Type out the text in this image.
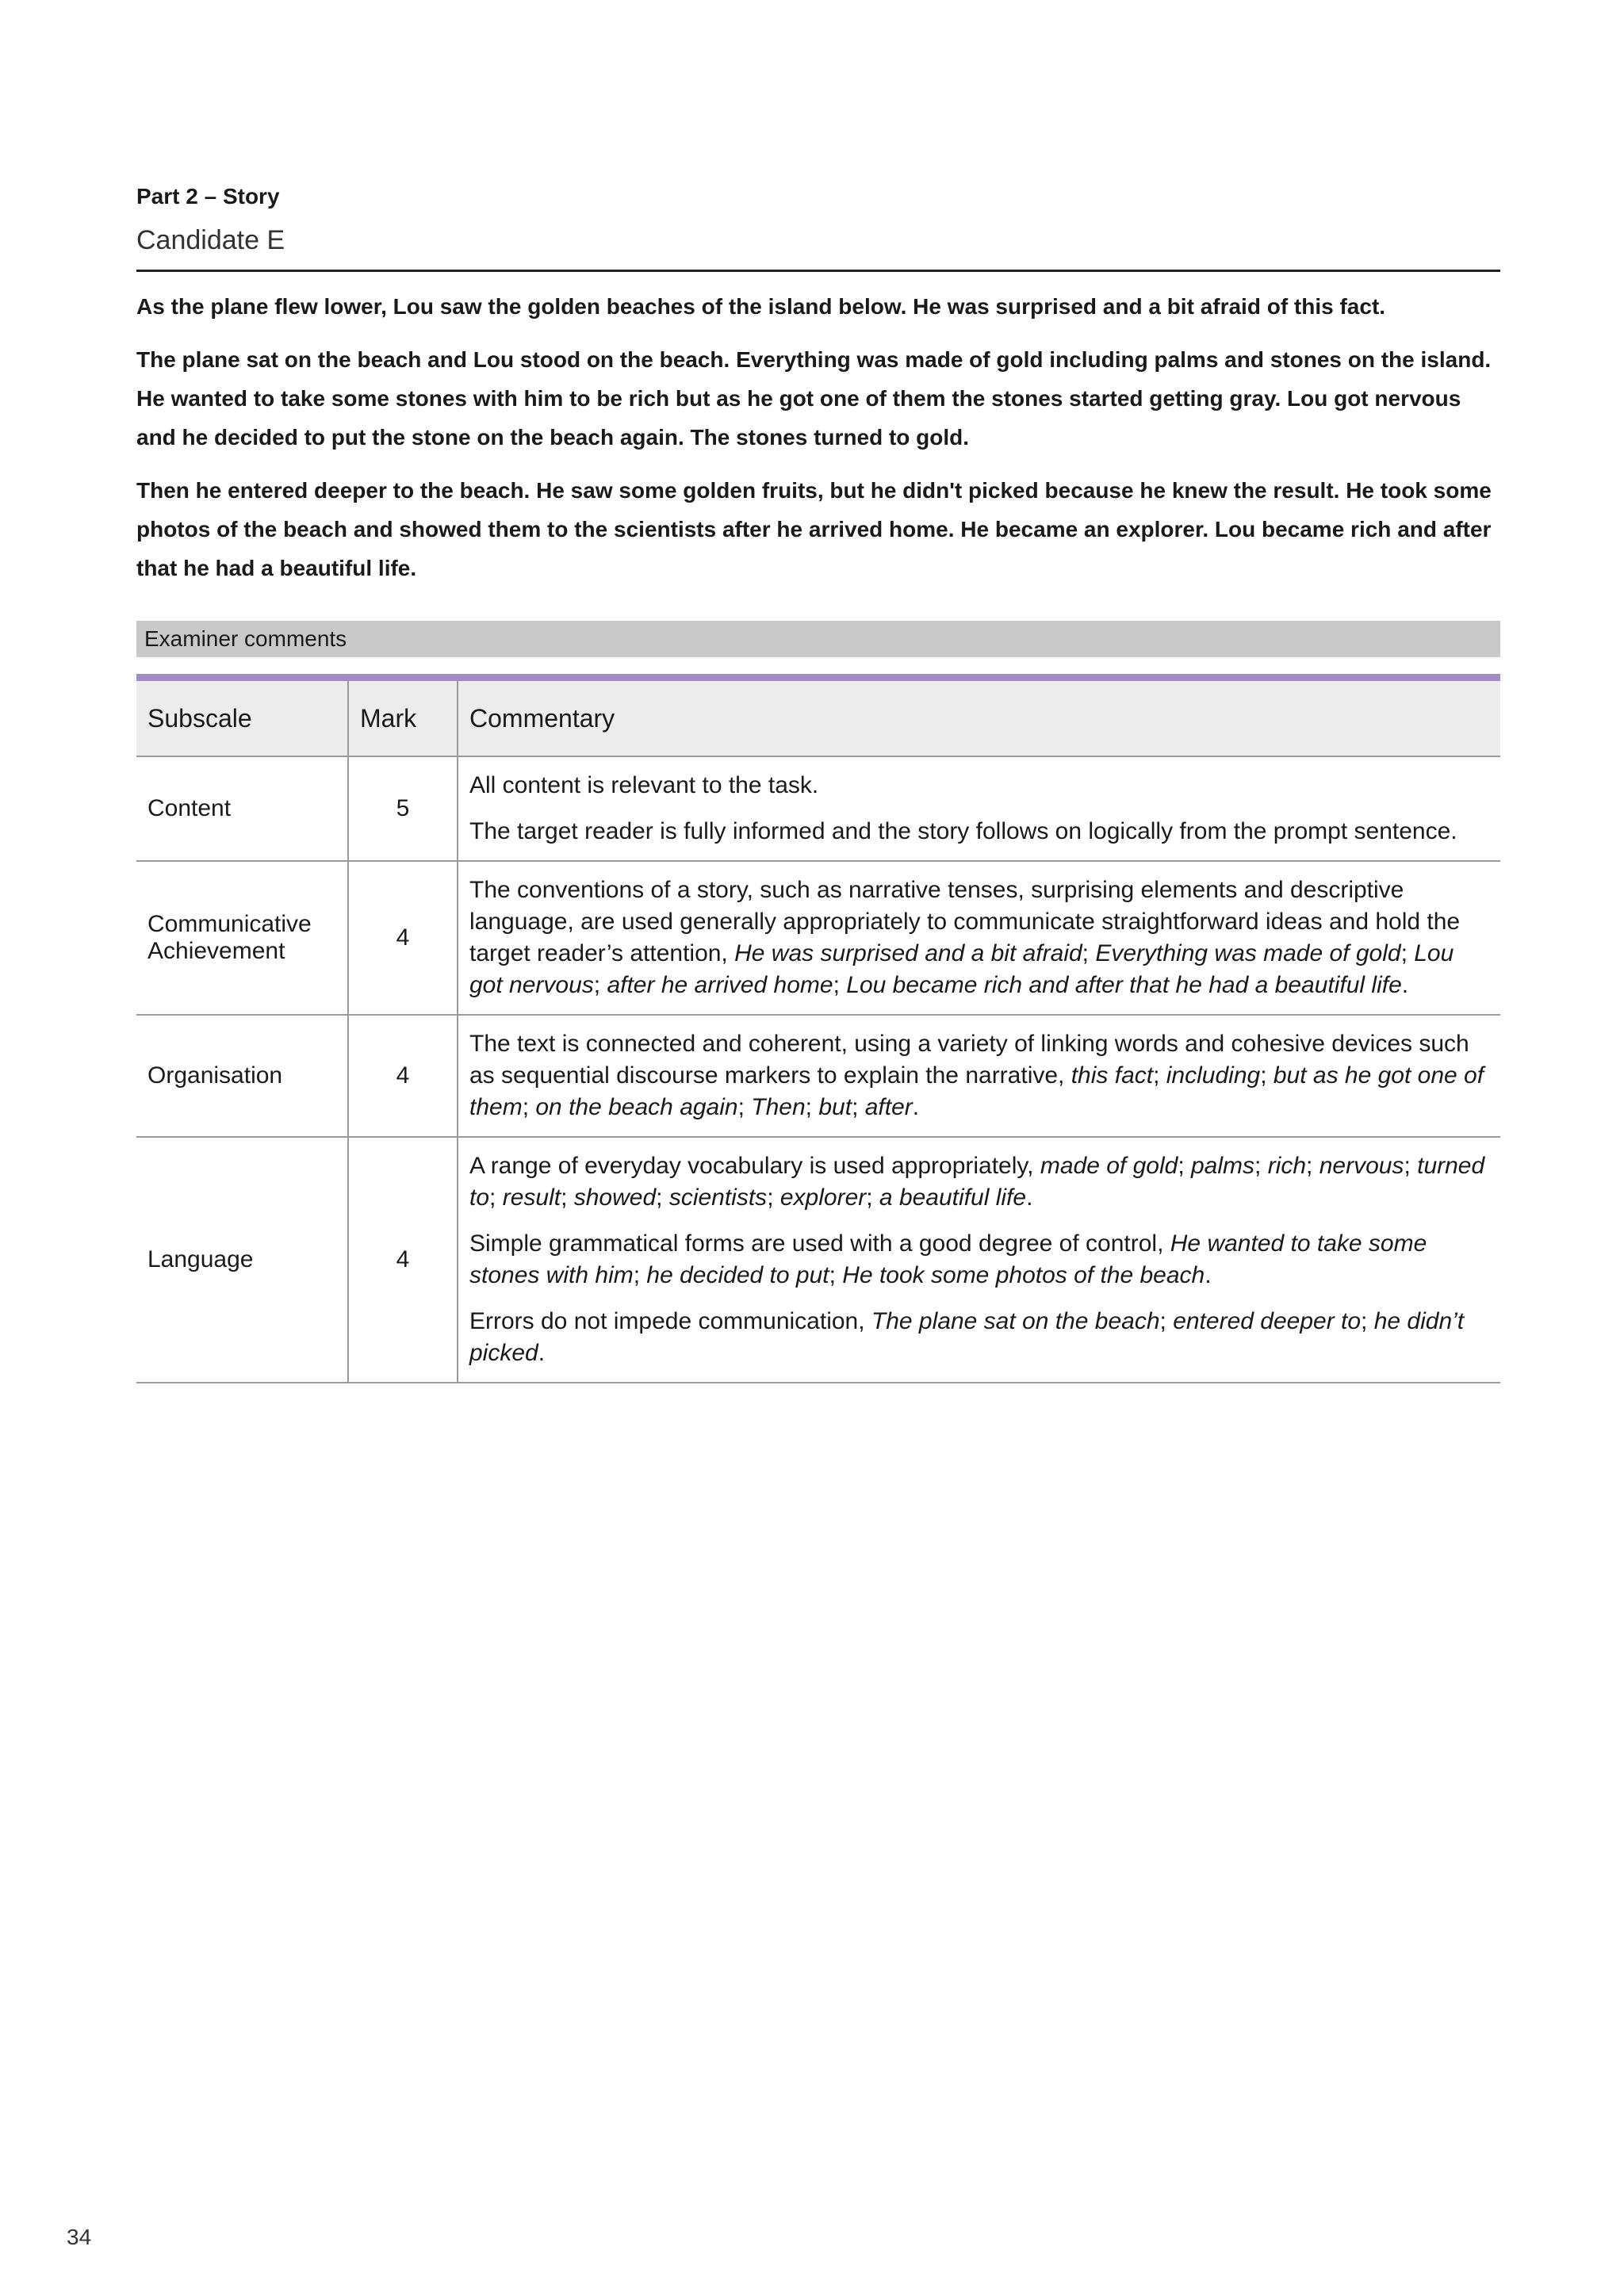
Part 2 – Story
Candidate E

As the plane flew lower, Lou saw the golden beaches of the island below. He was surprised and a bit afraid of this fact.

The plane sat on the beach and Lou stood on the beach. Everything was made of gold including palms and stones on the island. He wanted to take some stones with him to be rich but as he got one of them the stones started getting gray. Lou got nervous and he decided to put the stone on the beach again. The stones turned to gold.

Then he entered deeper to the beach. He saw some golden fruits, but he didn't picked because he knew the result. He took some photos of the beach and showed them to the scientists after he arrived home. He became an explorer. Lou became rich and after that he had a beautiful life.

Examiner comments
Subscale	Mark	Commentary
Content	5	All content is relevant to the task.

The target reader is fully informed and the story follows on logically from the prompt sentence.

Communicative Achievement	4	The conventions of a story, such as narrative tenses, surprising elements and descriptive language, are used generally appropriately to communicate straightforward ideas and hold the target reader’s attention, He was surprised and a bit afraid; Everything was made of gold; Lou got nervous; after he arrived home; Lou became rich and after that he had a beautiful life.

Organisation	4	The text is connected and coherent, using a variety of linking words and cohesive devices such as sequential discourse markers to explain the narrative, this fact; including; but as he got one of them; on the beach again; Then; but; after.

Language	4	A range of everyday vocabulary is used appropriately, made of gold; palms; rich; nervous; turned to; result; showed; scientists; explorer; a beautiful life.

Simple grammatical forms are used with a good degree of control, He wanted to take some stones with him; he decided to put; He took some photos of the beach.

Errors do not impede communication, The plane sat on the beach; entered deeper to; he didn’t picked.

34
